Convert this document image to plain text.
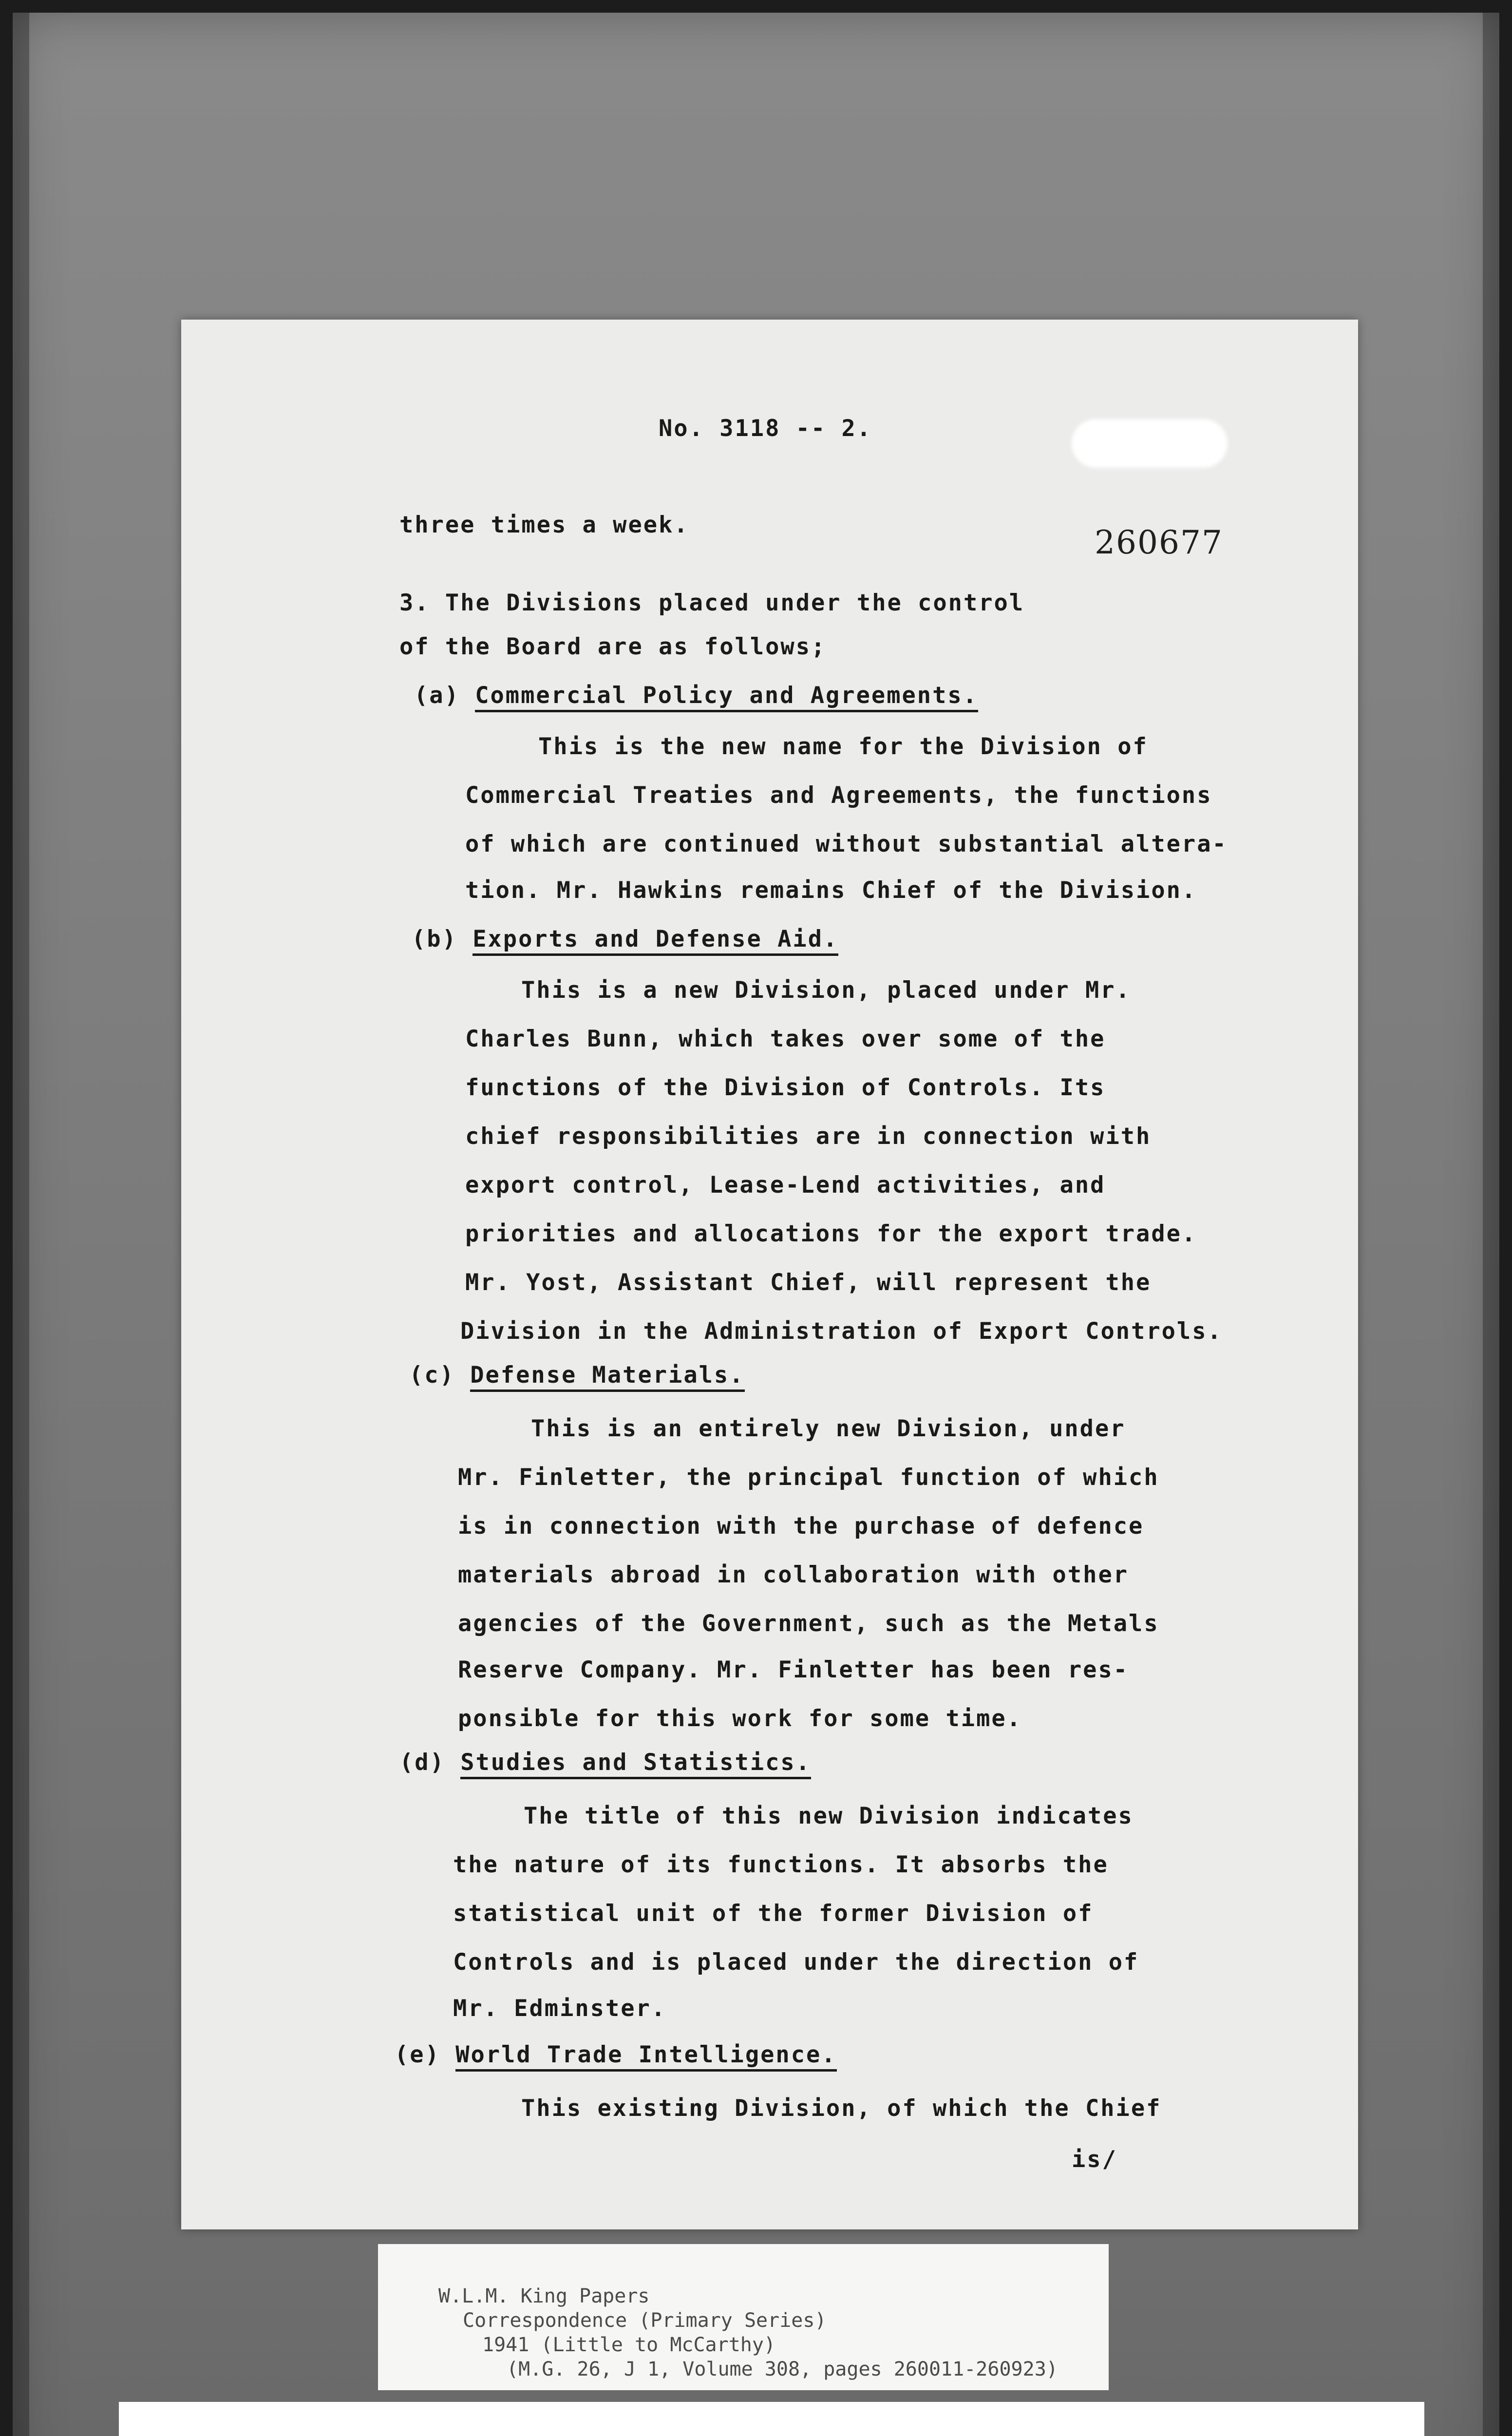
No. 3118 -- 2.
260677
three times a week.
3. The Divisions placed under the control
of the Board are as follows;
(a) Commercial Policy and Agreements.
This is the new name for the Division of
Commercial Treaties and Agreements, the functions
of which are continued without substantial altera-
tion. Mr. Hawkins remains Chief of the Division.
(b) Exports and Defense Aid.
This is a new Division, placed under Mr.
Charles Bunn, which takes over some of the
functions of the Division of Controls. Its
chief responsibilities are in connection with
export control, Lease-Lend activities, and
priorities and allocations for the export trade.
Mr. Yost, Assistant Chief, will represent the
Division in the Administration of Export Controls.
(c) Defense Materials.
This is an entirely new Division, under
Mr. Finletter, the principal function of which
is in connection with the purchase of defence
materials abroad in collaboration with other
agencies of the Government, such as the Metals
Reserve Company. Mr. Finletter has been res-
ponsible for this work for some time.
(d) Studies and Statistics.
The title of this new Division indicates
the nature of its functions. It absorbs the
statistical unit of the former Division of
Controls and is placed under the direction of
Mr. Edminster.
(e) World Trade Intelligence.
This existing Division, of which the Chief
is/
W.L.M. King Papers
Correspondence (Primary Series)
1941 (Little to McCarthy)
(M.G. 26, J 1, Volume 308, pages 260011-260923)
